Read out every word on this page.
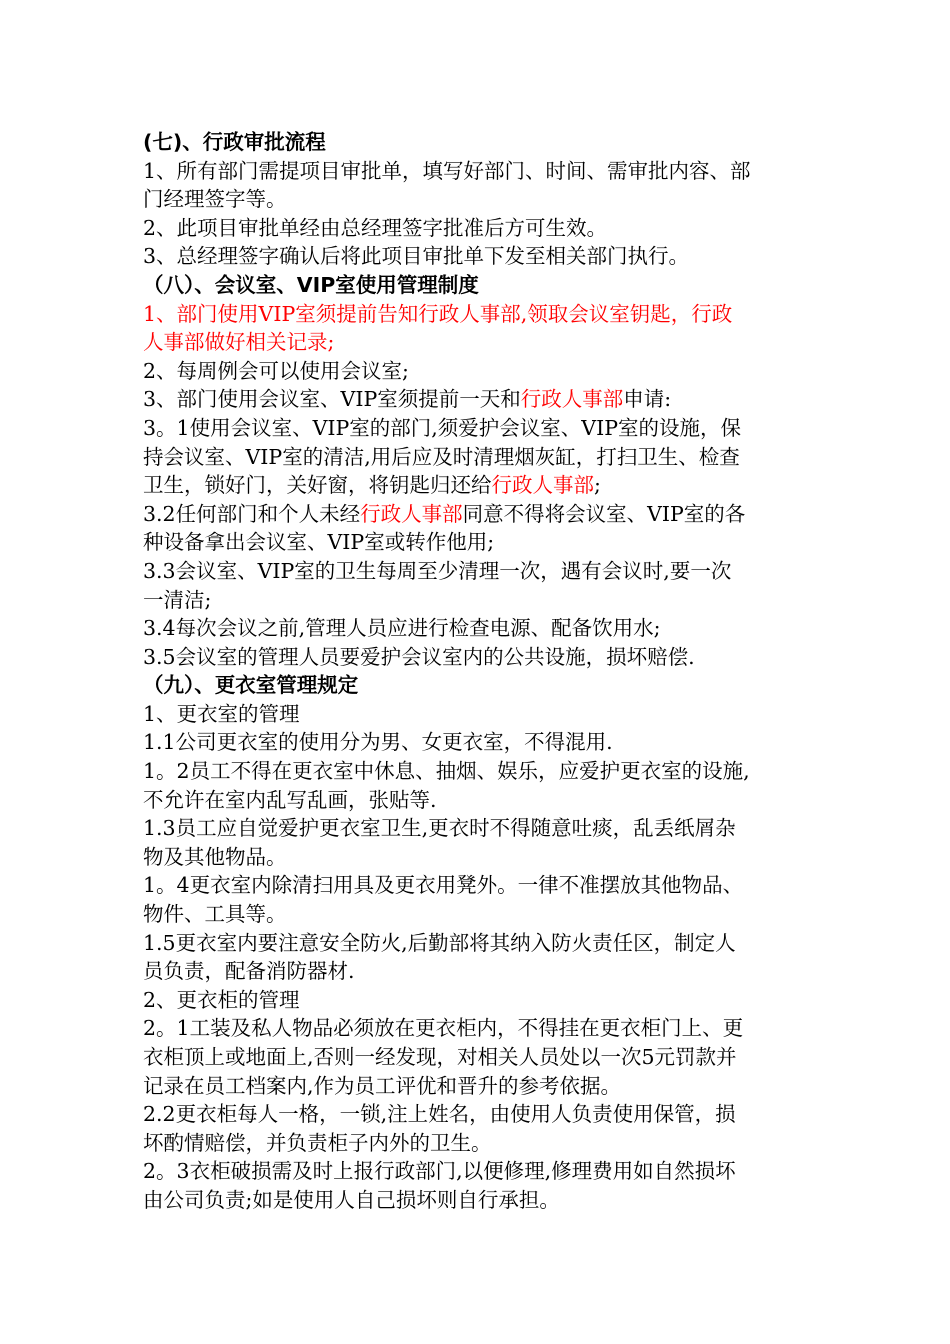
(七)、行政审批流程
1、所有部门需提项目审批单，填写好部门、时间、需审批内容、部
门经理签字等。
2、此项目审批单经由总经理签字批准后方可生效。
3、总经理签字确认后将此项目审批单下发至相关部门执行。
（八）、会议室、VIP室使用管理制度
1、部门使用VIP室须提前告知行政人事部,领取会议室钥匙，行政
人事部做好相关记录;
2、每周例会可以使用会议室;
3、部门使用会议室、VIP室须提前一天和行政人事部申请:
3。1使用会议室、VIP室的部门,须爱护会议室、VIP室的设施，保
持会议室、VIP室的清洁,用后应及时清理烟灰缸，打扫卫生、检查
卫生，锁好门，关好窗，将钥匙归还给行政人事部;
3.2任何部门和个人未经行政人事部同意不得将会议室、VIP室的各
种设备拿出会议室、VIP室或转作他用;
3.3会议室、VIP室的卫生每周至少清理一次，遇有会议时,要一次
一清洁;
3.4每次会议之前,管理人员应进行检查电源、配备饮用水;
3.5会议室的管理人员要爱护会议室内的公共设施，损坏赔偿.
（九）、更衣室管理规定
1、更衣室的管理
1.1公司更衣室的使用分为男、女更衣室，不得混用.
1。2员工不得在更衣室中休息、抽烟、娱乐，应爱护更衣室的设施,
不允许在室内乱写乱画，张贴等.
1.3员工应自觉爱护更衣室卫生,更衣时不得随意吐痰，乱丢纸屑杂
物及其他物品。
1。4更衣室内除清扫用具及更衣用凳外。一律不准摆放其他物品、
物件、工具等。
1.5更衣室内要注意安全防火,后勤部将其纳入防火责任区，制定人
员负责，配备消防器材.
2、更衣柜的管理
2。1工装及私人物品必须放在更衣柜内，不得挂在更衣柜门上、更
衣柜顶上或地面上,否则一经发现，对相关人员处以一次5元罚款并
记录在员工档案内,作为员工评优和晋升的参考依据。
2.2更衣柜每人一格，一锁,注上姓名，由使用人负责使用保管，损
坏酌情赔偿，并负责柜子内外的卫生。
2。3衣柜破损需及时上报行政部门,以便修理,修理费用如自然损坏
由公司负责;如是使用人自己损坏则自行承担。
